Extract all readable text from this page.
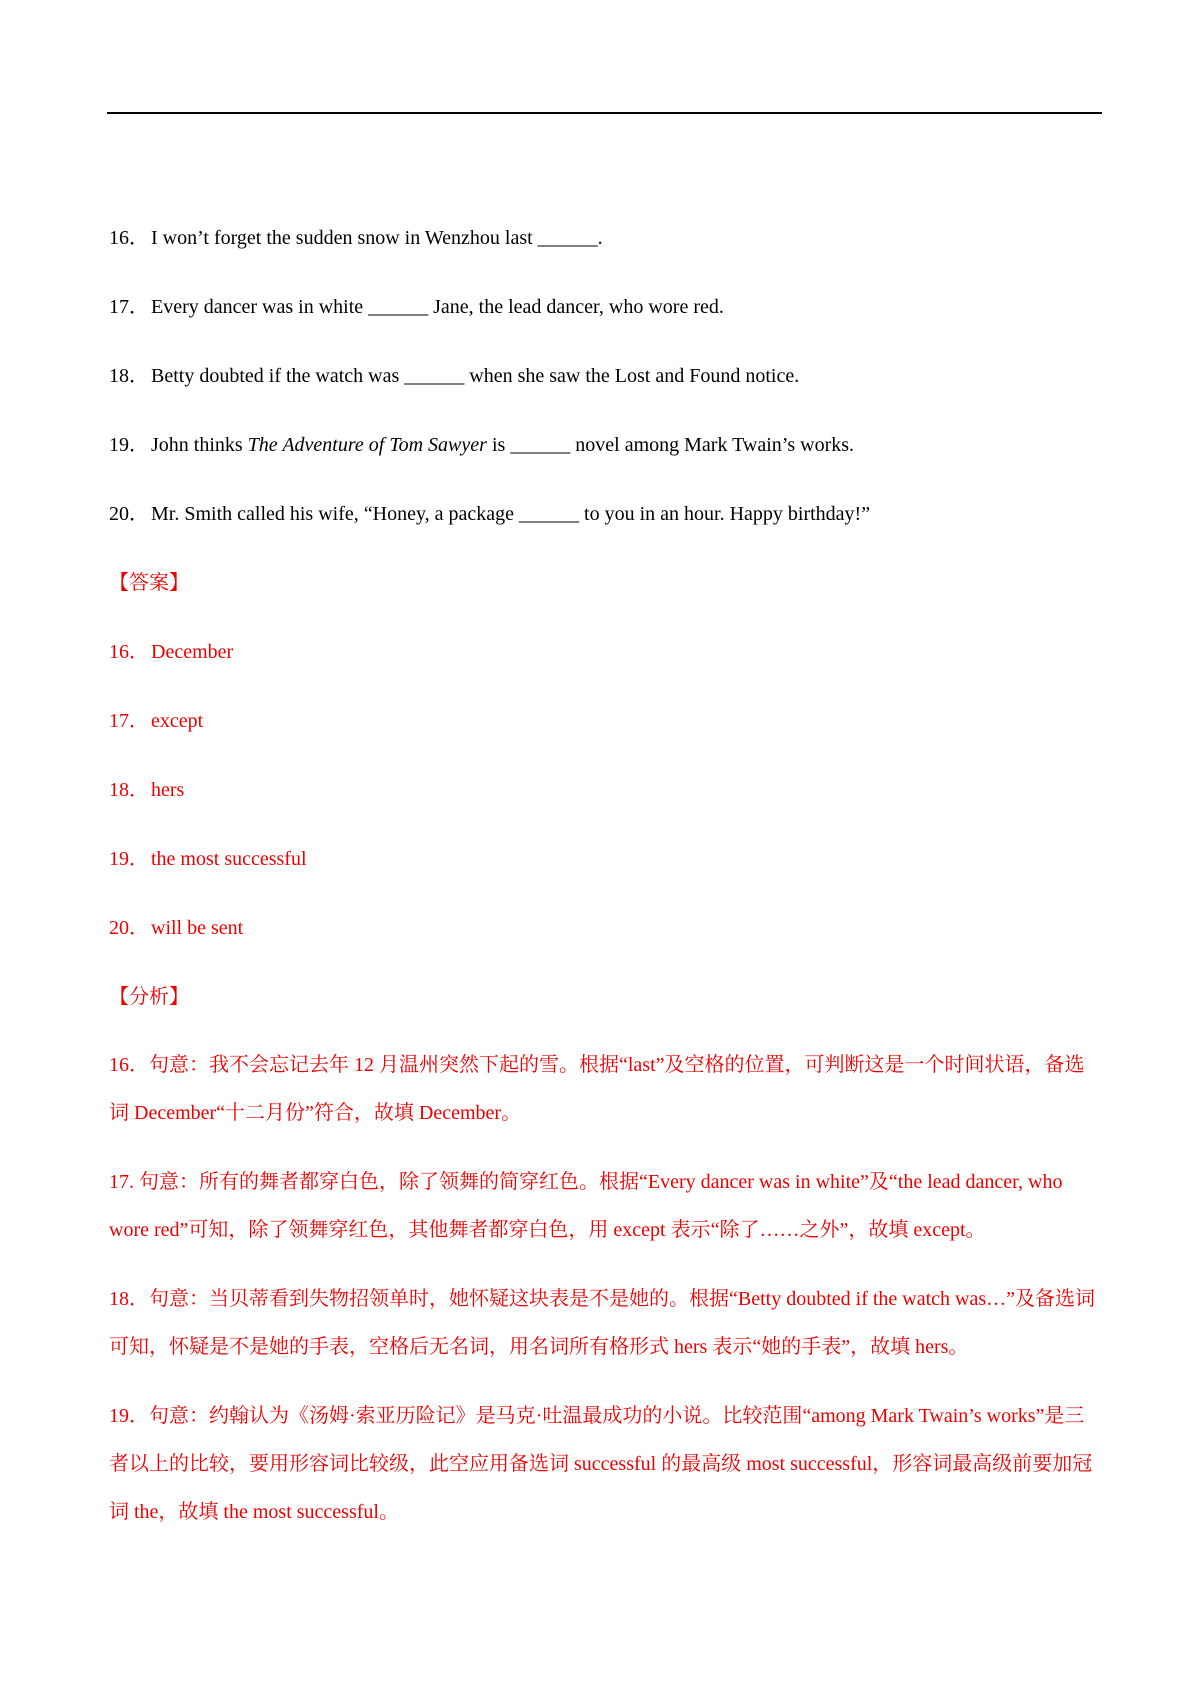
16． I won’t forget the sudden snow in Wenzhou last ______.
17． Every dancer was in white ______ Jane, the lead dancer, who wore red.
18． Betty doubted if the watch was ______ when she saw the Lost and Found notice.
19． John thinks The Adventure of Tom Sawyer is ______ novel among Mark Twain’s works.
20． Mr. Smith called his wife, “Honey, a package ______ to you in an hour. Happy birthday!”
【答案】
16． December
17． except
18． hers
19． the most successful
20． will be sent
【分析】
16．句意：我不会忘记去年 12 月温州突然下起的雪。根据“last”及空格的位置，可判断这是一个时间状语，备选词 December“十二月份”符合，故填 December。
17. 句意：所有的舞者都穿白色，除了领舞的简穿红色。根据“Every dancer was in white”及“the lead dancer, who wore red”可知，除了领舞穿红色，其他舞者都穿白色，用 except 表示“除了……之外”，故填 except。
18．句意：当贝蒂看到失物招领单时，她怀疑这块表是不是她的。根据“Betty doubted if the watch was…”及备选词可知，怀疑是不是她的手表，空格后无名词，用名词所有格形式 hers 表示“她的手表”，故填 hers。
19．句意：约翰认为《汤姆·索亚历险记》是马克·吐温最成功的小说。比较范围“among Mark Twain’s works”是三者以上的比较，要用形容词比较级，此空应用备选词 successful 的最高级 most successful，形容词最高级前要加冠词 the，故填 the most successful。
